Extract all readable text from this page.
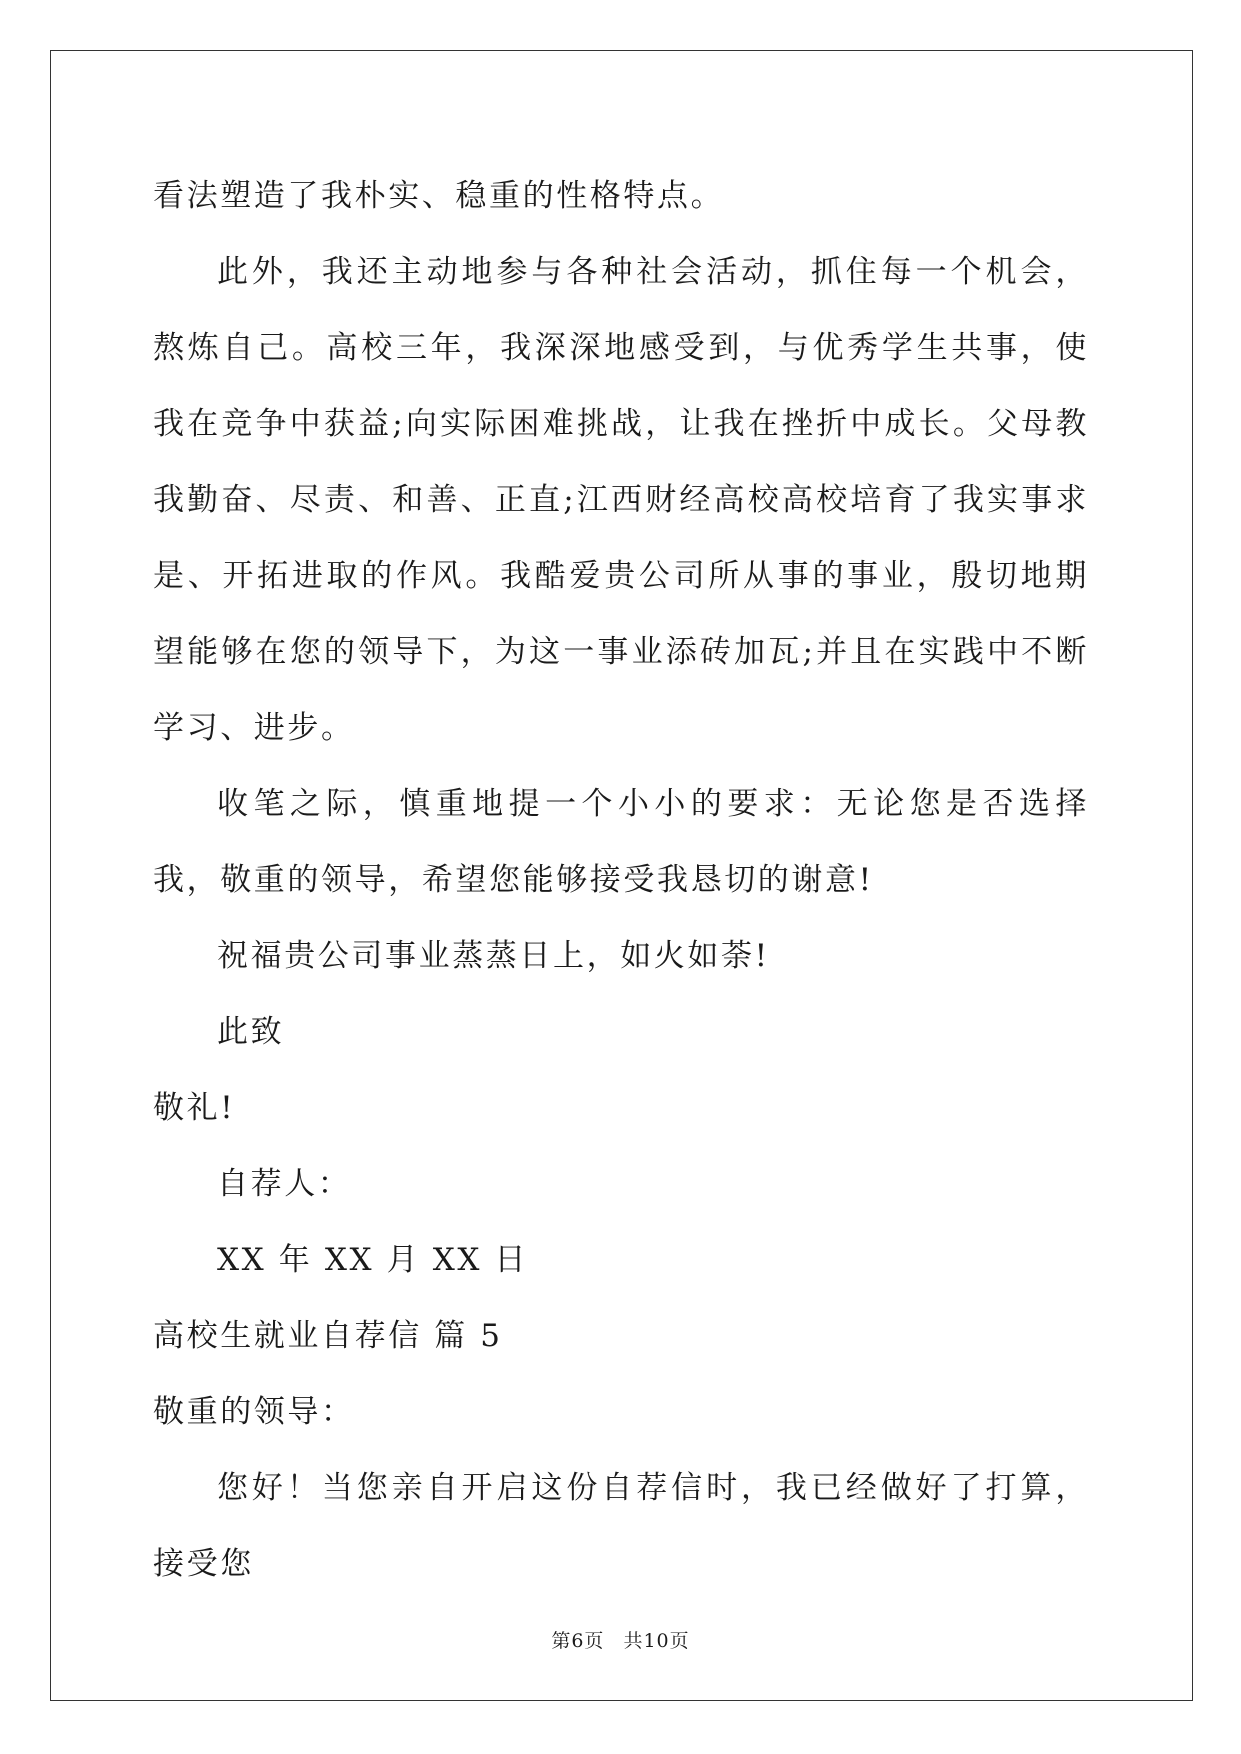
看法塑造了我朴实、稳重的性格特点。

此外，我还主动地参与各种社会活动，抓住每一个机会，熬炼自己。高校三年，我深深地感受到，与优秀学生共事，使我在竞争中获益;向实际困难挑战，让我在挫折中成长。父母教我勤奋、尽责、和善、正直;江西财经高校高校培育了我实事求是、开拓进取的作风。我酷爱贵公司所从事的事业，殷切地期望能够在您的领导下，为这一事业添砖加瓦;并且在实践中不断学习、进步。

收笔之际，慎重地提一个小小的要求：无论您是否选择我，敬重的领导，希望您能够接受我恳切的谢意!

祝福贵公司事业蒸蒸日上，如火如荼!

此致

敬礼!

自荐人：

XX 年 XX 月 XX 日

高校生就业自荐信 篇 5

敬重的领导：

您好！当您亲自开启这份自荐信时，我已经做好了打算，接受您

第6页 共10页
